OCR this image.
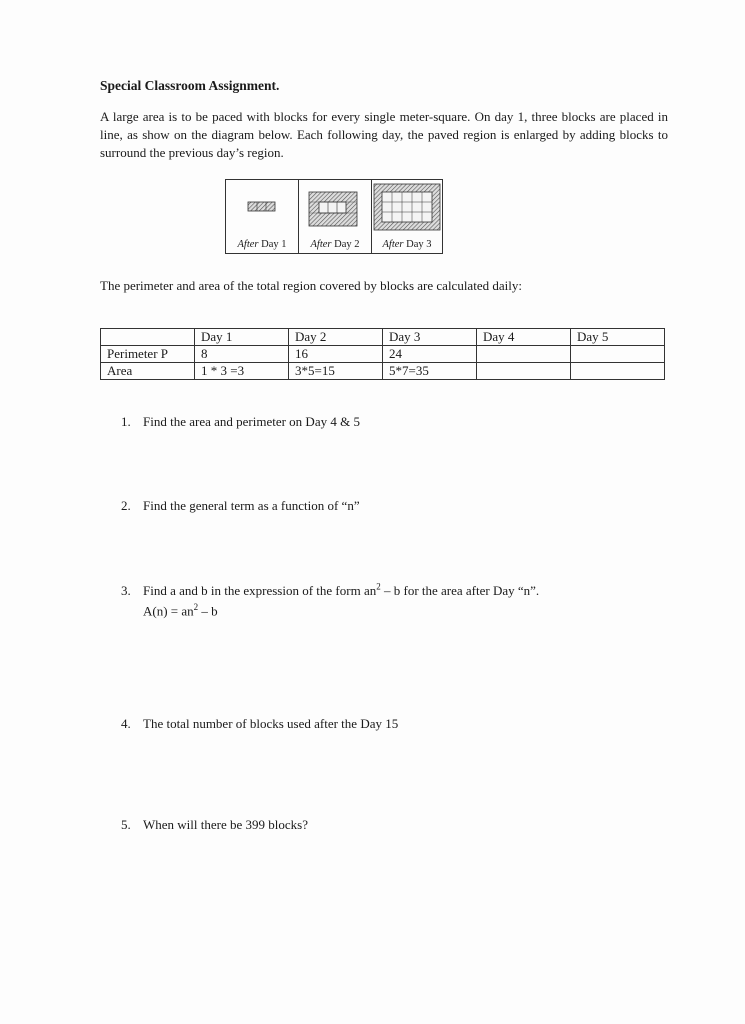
Special Classroom Assignment.
A large area is to be paced with blocks for every single meter-square. On day 1, three blocks are placed in line, as show on the diagram below. Each following day, the paved region is enlarged by adding blocks to surround the previous day’s region.
After Day 1	After Day 2	After Day 3
The perimeter and area of the total region covered by blocks are calculated daily:
	Day 1	Day 2	Day 3	Day 4	Day 5
Perimeter P	8	16	24		
Area	1 * 3 =3	3*5=15	5*7=35		
1. Find the area and perimeter on Day 4 & 5
2. Find the general term as a function of “n”
3. Find a and b in the expression of the form $an^2$ – b for the area after Day “n”.
$A(n) = an^2 - b$
4. The total number of blocks used after the Day 15
5. When will there be 399 blocks?
